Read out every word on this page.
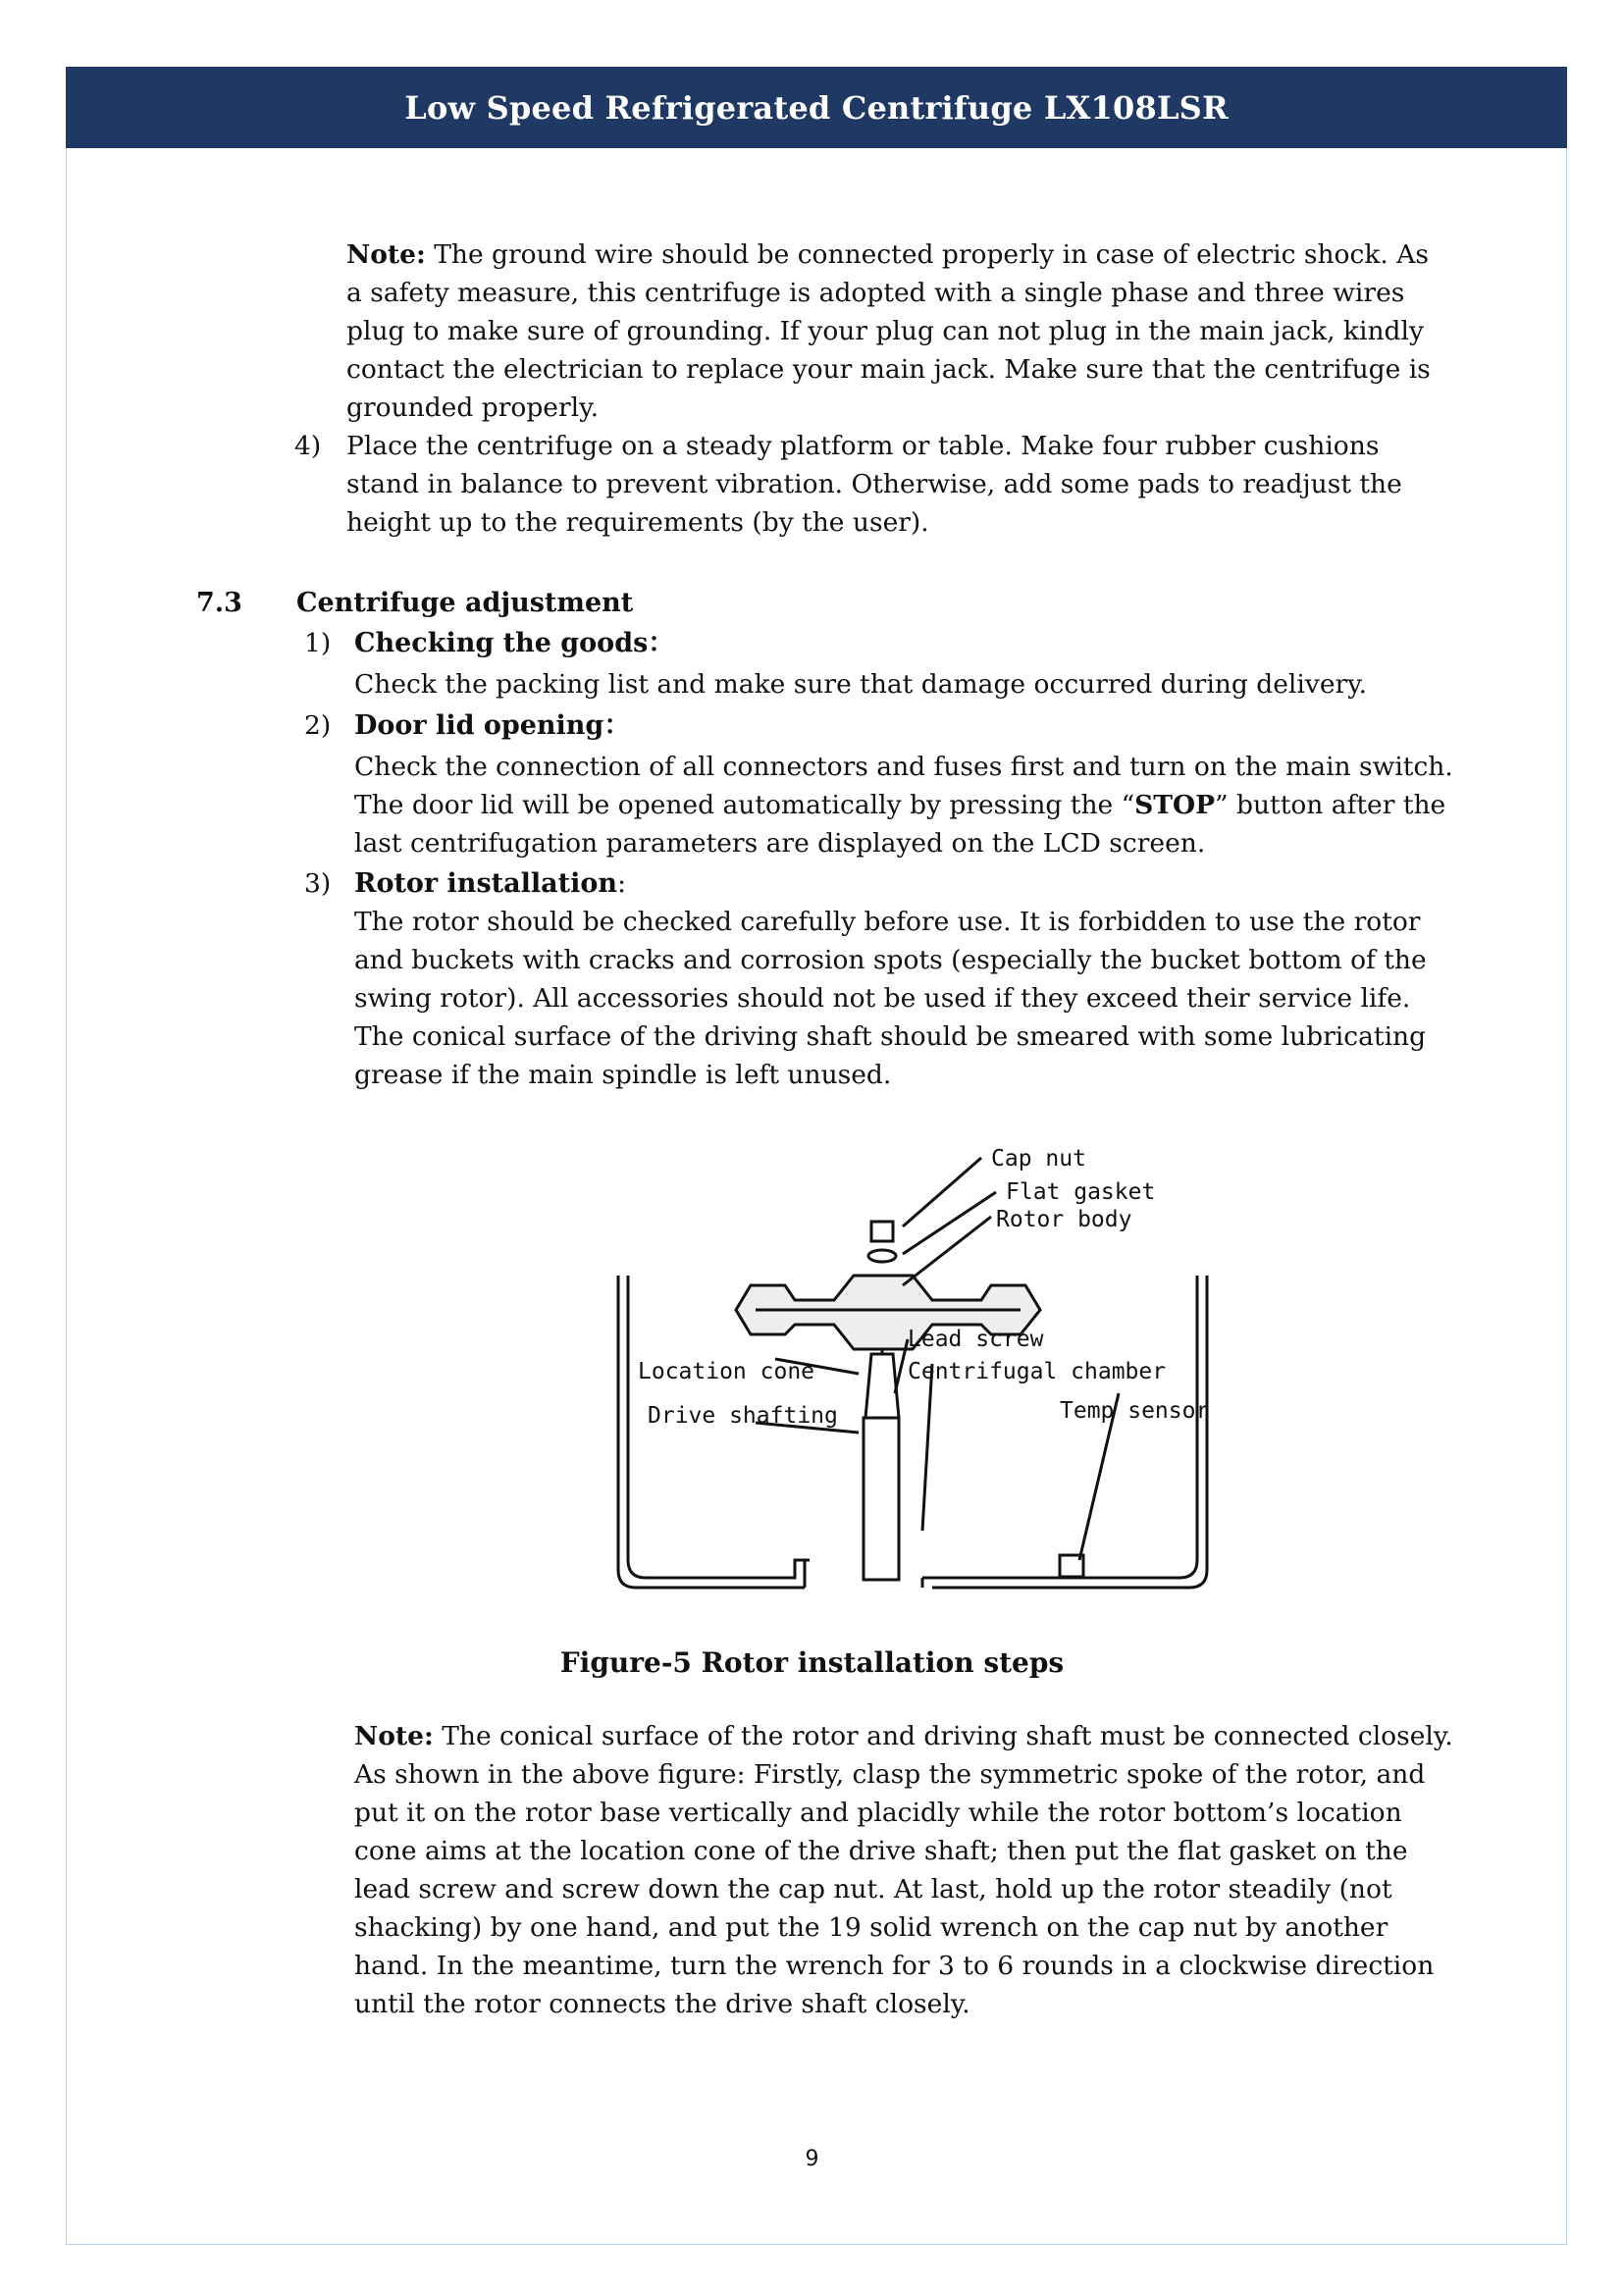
Low Speed Refrigerated Centrifuge LX108LSR
Note: The ground wire should be connected properly in case of electric shock. As
a safety measure, this centrifuge is adopted with a single phase and three wires
plug to make sure of grounding. If your plug can not plug in the main jack, kindly
contact the electrician to replace your main jack. Make sure that the centrifuge is
grounded properly.
4) Place the centrifuge on a steady platform or table. Make four rubber cushions
stand in balance to prevent vibration. Otherwise, add some pads to readjust the
height up to the requirements (by the user).
7.3 Centrifuge adjustment
1) Checking the goods：
Check the packing list and make sure that damage occurred during delivery.
2) Door lid opening：
Check the connection of all connectors and fuses first and turn on the main switch.
The door lid will be opened automatically by pressing the “STOP” button after the
last centrifugation parameters are displayed on the LCD screen.
3) Rotor installation:
The rotor should be checked carefully before use. It is forbidden to use the rotor
and buckets with cracks and corrosion spots (especially the bucket bottom of the
swing rotor). All accessories should not be used if they exceed their service life.
The conical surface of the driving shaft should be smeared with some lubricating
grease if the main spindle is left unused.
Cap nut
Flat gasket
Rotor body
Lead screw
Location cone	Centrifugal chamber
Drive shafting	Temp sensor
Figure-5 Rotor installation steps
Note: The conical surface of the rotor and driving shaft must be connected closely.
As shown in the above figure: Firstly, clasp the symmetric spoke of the rotor, and
put it on the rotor base vertically and placidly while the rotor bottom’s location
cone aims at the location cone of the drive shaft; then put the flat gasket on the
lead screw and screw down the cap nut. At last, hold up the rotor steadily (not
shacking) by one hand, and put the 19 solid wrench on the cap nut by another
hand. In the meantime, turn the wrench for 3 to 6 rounds in a clockwise direction
until the rotor connects the drive shaft closely.
9
